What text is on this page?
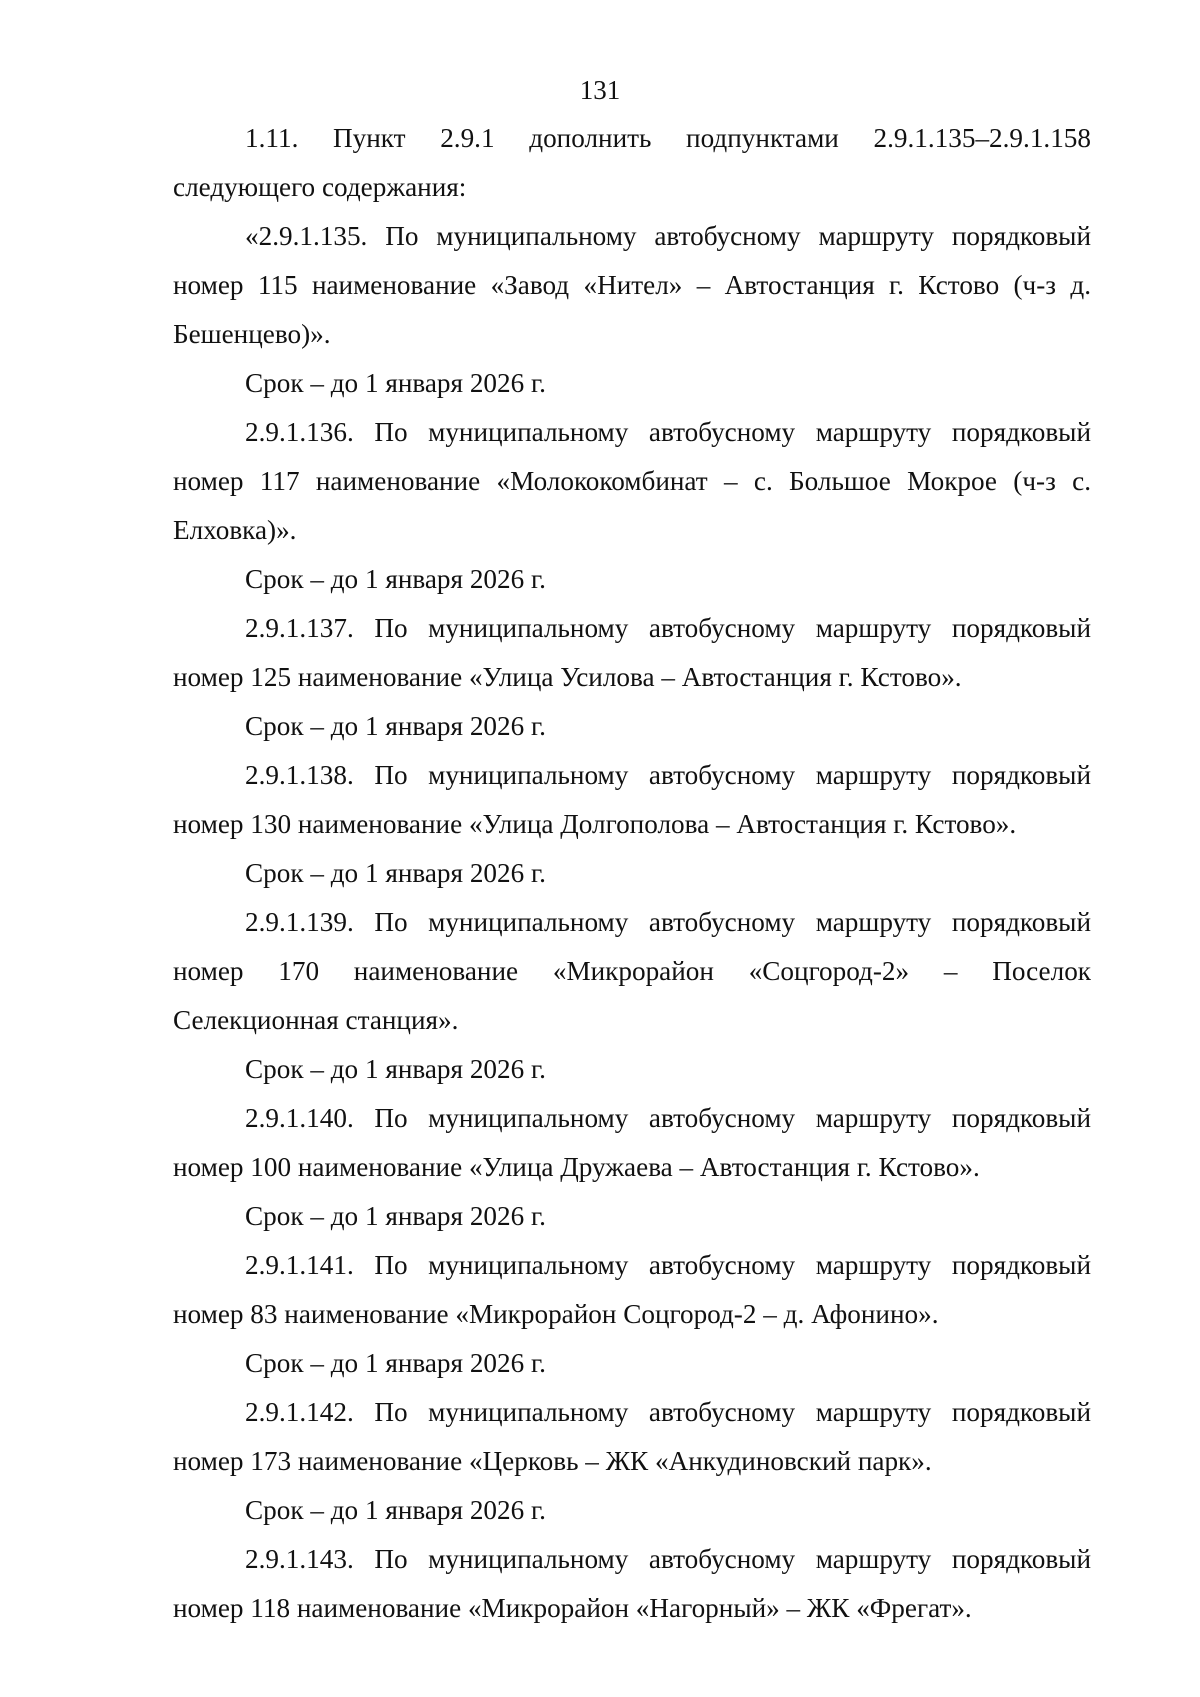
131

1.11. Пункт 2.9.1 дополнить подпунктами 2.9.1.135–2.9.1.158 следующего содержания:

«2.9.1.135. По муниципальному автобусному маршруту порядковый номер 115 наименование «Завод «Нител» – Автостанция г. Кстово (ч-з д. Бешенцево)».

Срок – до 1 января 2026 г.

2.9.1.136. По муниципальному автобусному маршруту порядковый номер 117 наименование «Молококомбинат – с. Большое Мокрое (ч-з с. Елховка)».

Срок – до 1 января 2026 г.

2.9.1.137. По муниципальному автобусному маршруту порядковый номер 125 наименование «Улица Усилова – Автостанция г. Кстово».

Срок – до 1 января 2026 г.

2.9.1.138. По муниципальному автобусному маршруту порядковый номер 130 наименование «Улица Долгополова – Автостанция г. Кстово».

Срок – до 1 января 2026 г.

2.9.1.139. По муниципальному автобусному маршруту порядковый номер 170 наименование «Микрорайон «Соцгород-2» – Поселок Селекционная станция».

Срок – до 1 января 2026 г.

2.9.1.140. По муниципальному автобусному маршруту порядковый номер 100 наименование «Улица Дружаева – Автостанция г. Кстово».

Срок – до 1 января 2026 г.

2.9.1.141. По муниципальному автобусному маршруту порядковый номер 83 наименование «Микрорайон Соцгород-2 – д. Афонино».

Срок – до 1 января 2026 г.

2.9.1.142. По муниципальному автобусному маршруту порядковый номер 173 наименование «Церковь – ЖК «Анкудиновский парк».

Срок – до 1 января 2026 г.

2.9.1.143. По муниципальному автобусному маршруту порядковый номер 118 наименование «Микрорайон «Нагорный» – ЖК «Фрегат».
